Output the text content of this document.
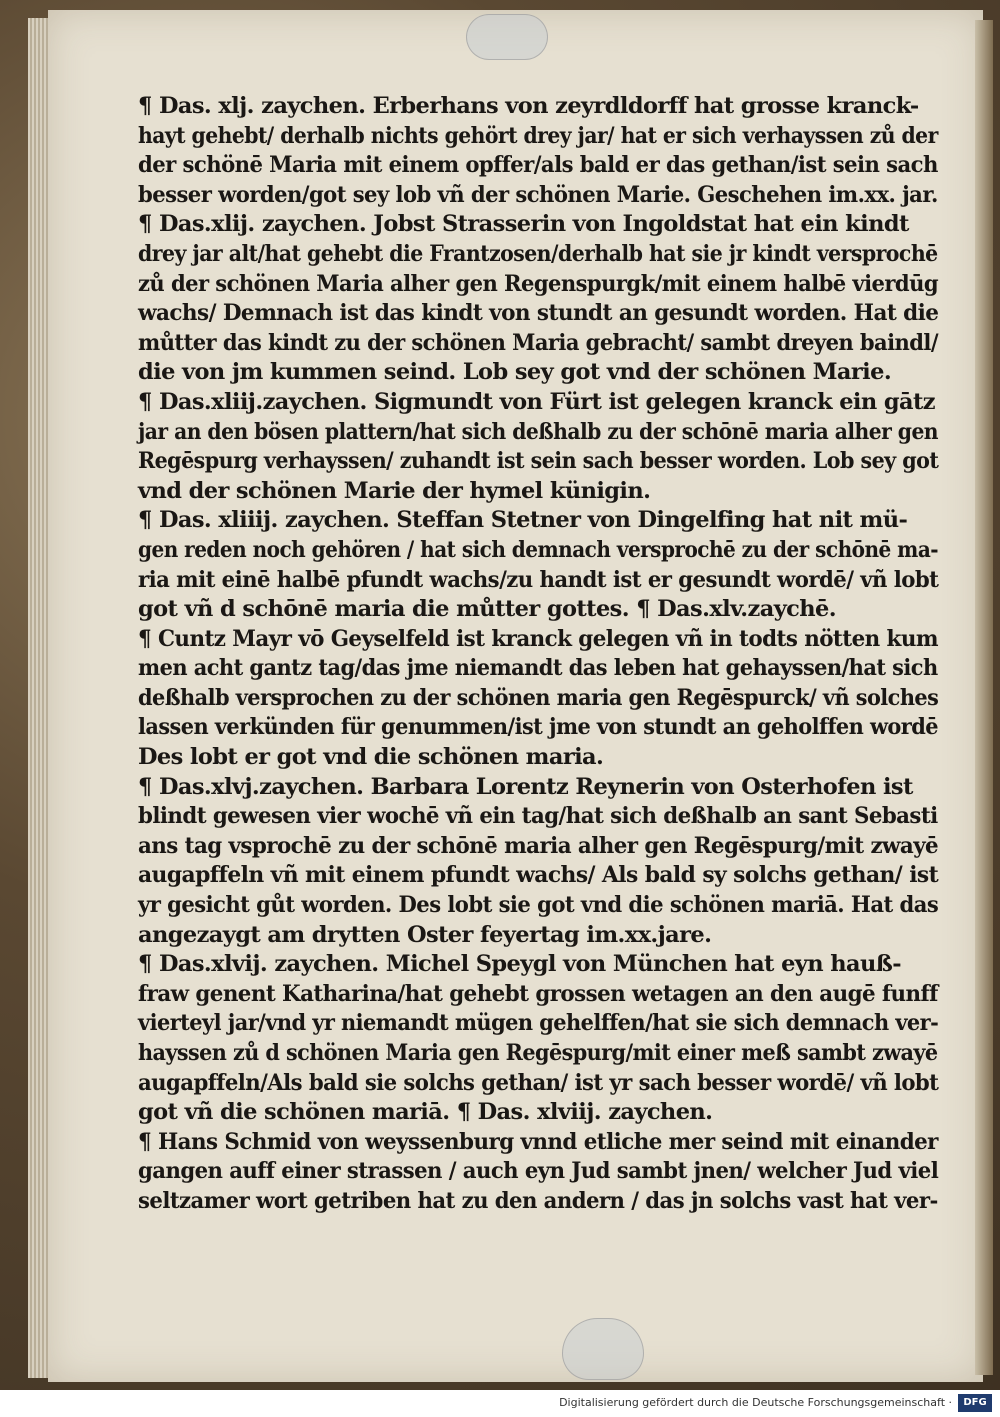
¶ Das. xlj. zaychen. Erberhans von zeyrdldorff hat grosse kranck-
hayt gehebt/ derhalb nichts gehört drey jar/ hat er sich verhayssen zů der
der schönē Maria mit einem opffer/als bald er das gethan/ist sein sach
besser worden/got sey lob vñ der schönen Marie. Geschehen im.xx. jar.
¶ Das.xlij. zaychen. Jobst Strasserin von Ingoldstat hat ein kindt
drey jar alt/hat gehebt die Frantzosen/derhalb hat sie jr kindt versprochē
zů der schönen Maria alher gen Regenspurgk/mit einem halbē vierdūg
wachs/ Demnach ist das kindt von stundt an gesundt worden. Hat die
můtter das kindt zu der schönen Maria gebracht/ sambt dreyen baindl/
die von jm kummen seind. Lob sey got vnd der schönen Marie.
¶ Das.xliij.zaychen. Sigmundt von Fürt ist gelegen kranck ein gātz
jar an den bösen plattern/hat sich deßhalb zu der schōnē maria alher gen
Regēspurg verhayssen/ zuhandt ist sein sach besser worden. Lob sey got
vnd der schönen Marie der hymel künigin.
¶ Das. xliiij. zaychen. Steffan Stetner von Dingelfing hat nit mü-
gen reden noch gehören / hat sich demnach versprochē zu der schōnē ma-
ria mit einē halbē pfundt wachs/zu handt ist er gesundt wordē/ vñ lobt
got vñ d schōnē maria die můtter gottes. ¶ Das.xlv.zaychē.
¶ Cuntz Mayr vō Geyselfeld ist kranck gelegen vñ in todts nötten kum
men acht gantz tag/das jme niemandt das leben hat gehayssen/hat sich
deßhalb versprochen zu der schönen maria gen Regēspurck/ vñ solches
lassen verkünden für genummen/ist jme von stundt an geholffen wordē
Des lobt er got vnd die schönen maria.
¶ Das.xlvj.zaychen. Barbara Lorentz Reynerin von Osterhofen ist
blindt gewesen vier wochē vñ ein tag/hat sich deßhalb an sant Sebasti
ans tag vsprochē zu der schōnē maria alher gen Regēspurg/mit zwayē
augapffeln vñ mit einem pfundt wachs/ Als bald sy solchs gethan/ ist
yr gesicht gůt worden. Des lobt sie got vnd die schönen mariā. Hat das
angezaygt am drytten Oster feyertag im.xx.jare.
¶ Das.xlvij. zaychen. Michel Speygl von München hat eyn hauß-
fraw genent Katharina/hat gehebt grossen wetagen an den augē funff
vierteyl jar/vnd yr niemandt mügen gehelffen/hat sie sich demnach ver-
hayssen zů d schönen Maria gen Regēspurg/mit einer meß sambt zwayē
augapffeln/Als bald sie solchs gethan/ ist yr sach besser wordē/ vñ lobt
got vñ die schönen mariā. ¶ Das. xlviij. zaychen.
¶ Hans Schmid von weyssenburg vnnd etliche mer seind mit einander
gangen auff einer strassen / auch eyn Jud sambt jnen/ welcher Jud viel
seltzamer wort getriben hat zu den andern / das jn solchs vast hat ver-
Digitalisierung gefördert durch die Deutsche Forschungsgemeinschaft ·	DFG
